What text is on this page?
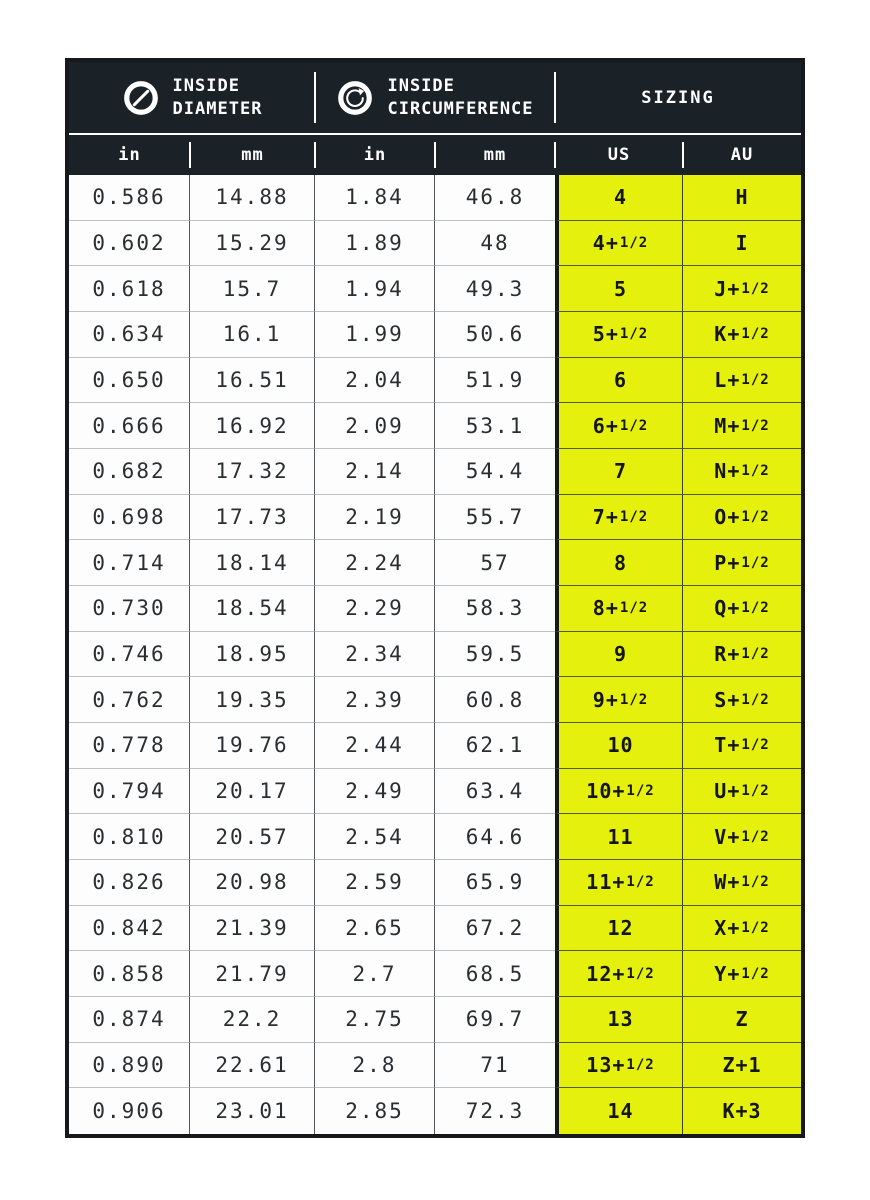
INSIDE
DIAMETER
INSIDE
CIRCUMFERENCE
SIZING
in	mm	in	mm	US	AU
0.586	14.88	1.84	46.8	4	H
0.602	15.29	1.89	48	4+ 1/2	I
0.618	15.7	1.94	49.3	5	J+ 1/2
0.634	16.1	1.99	50.6	5+ 1/2	K+ 1/2
0.650	16.51	2.04	51.9	6	L+ 1/2
0.666	16.92	2.09	53.1	6+ 1/2	M+ 1/2
0.682	17.32	2.14	54.4	7	N+ 1/2
0.698	17.73	2.19	55.7	7+ 1/2	O+ 1/2
0.714	18.14	2.24	57	8	P+ 1/2
0.730	18.54	2.29	58.3	8+ 1/2	Q+ 1/2
0.746	18.95	2.34	59.5	9	R+ 1/2
0.762	19.35	2.39	60.8	9+ 1/2	S+ 1/2
0.778	19.76	2.44	62.1	10	T+ 1/2
0.794	20.17	2.49	63.4	10+ 1/2	U+ 1/2
0.810	20.57	2.54	64.6	11	V+ 1/2
0.826	20.98	2.59	65.9	11+ 1/2	W+ 1/2
0.842	21.39	2.65	67.2	12	X+ 1/2
0.858	21.79	2.7	68.5	12+ 1/2	Y+ 1/2
0.874	22.2	2.75	69.7	13	Z
0.890	22.61	2.8	71	13+ 1/2	Z+1
0.906	23.01	2.85	72.3	14	K+3
